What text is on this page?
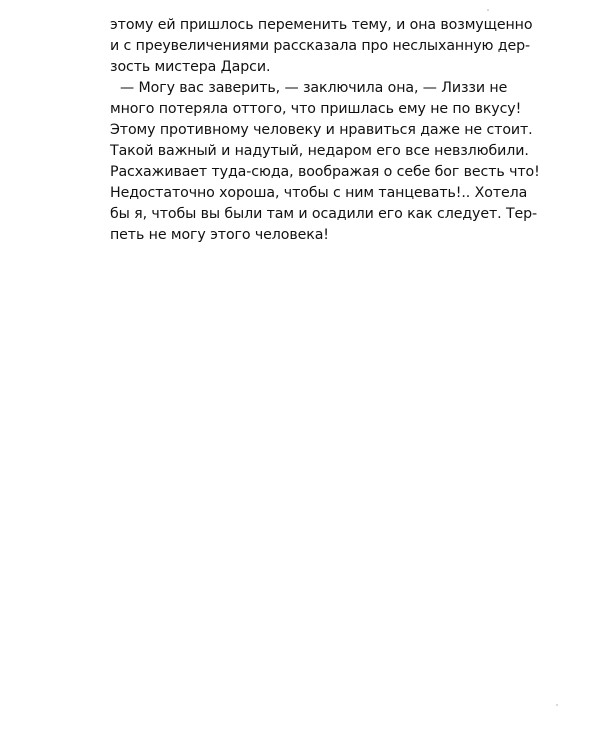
этому ей пришлось переменить тему, и она возмущенно
и с преувеличениями рассказала про неслыханную дер-
зость мистера Дарси.
— Могу вас заверить, — заключила она, — Лиззи не
много потеряла оттого, что пришлась ему не по вкусу!
Этому противному человеку и нравиться даже не стоит.
Такой важный и надутый, недаром его все невзлюбили.
Расхаживает туда-сюда, воображая о себе бог весть что!
Недостаточно хороша, чтобы с ним танцевать!.. Хотела
бы я, чтобы вы были там и осадили его как следует. Тер-
петь не могу этого человека!
